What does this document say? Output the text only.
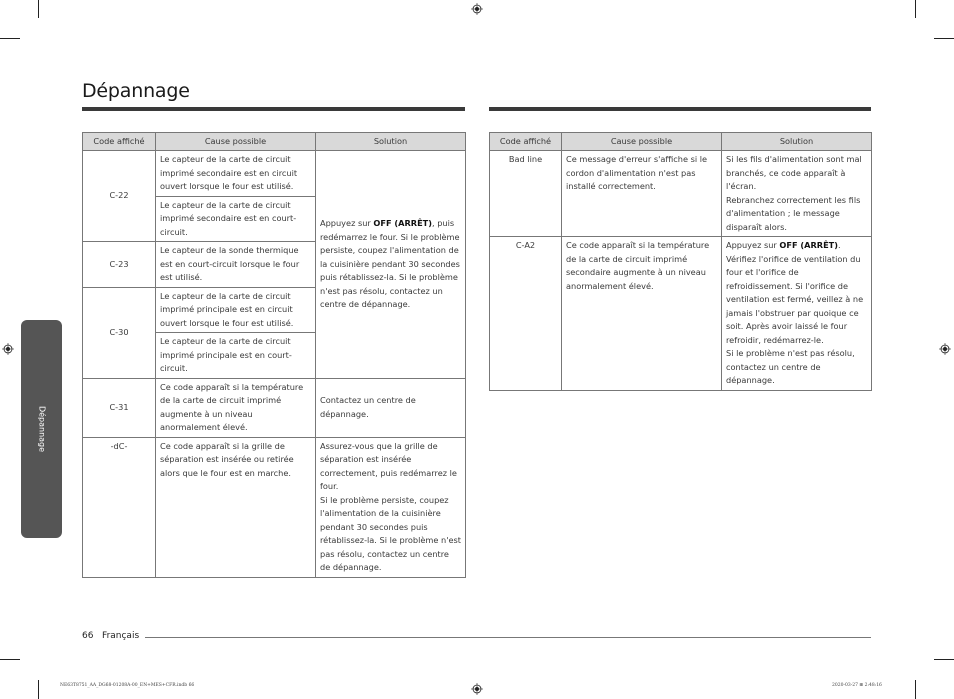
Dépannage
Dépannage
Code affiché	Cause possible	Solution
C-22	Le capteur de la carte de circuit imprimé secondaire est en circuit ouvert lorsque le four est utilisé.	Appuyez sur OFF (ARRÊT), puis redémarrez le four. Si le problème persiste, coupez l'alimentation de la cuisinière pendant 30 secondes puis rétablissez-la. Si le problème n'est pas résolu, contactez un centre de dépannage.
	Le capteur de la carte de circuit imprimé secondaire est en court-circuit.	
C-23	Le capteur de la sonde thermique est en court-circuit lorsque le four est utilisé.	
C-30	Le capteur de la carte de circuit imprimé principale est en circuit ouvert lorsque le four est utilisé.	
	Le capteur de la carte de circuit imprimé principale est en court-circuit.	

C-31	Ce code apparaît si la température de la carte de circuit imprimé augmente à un niveau anormalement élevé.	Contactez un centre de dépannage.
-dC-	Ce code apparaît si la grille de séparation est insérée ou retirée alors que le four est en marche.	Assurez-vous que la grille de séparation est insérée correctement, puis redémarrez le four.
Si le problème persiste, coupez l'alimentation de la cuisinière pendant 30 secondes puis rétablissez-la. Si le problème n'est pas résolu, contactez un centre de dépannage.
Code affiché	Cause possible	Solution
Bad line	Ce message d'erreur s'affiche si le cordon d'alimentation n'est pas installé correctement.	Si les fils d'alimentation sont mal branchés, ce code apparaît à l'écran.
Rebranchez correctement les fils d'alimentation ; le message disparaît alors.
C-A2	Ce code apparaît si la température de la carte de circuit imprimé secondaire augmente à un niveau anormalement élevé.	Appuyez sur OFF (ARRÊT).
Vérifiez l'orifice de ventilation du four et l'orifice de refroidissement. Si l'orifice de ventilation est fermé, veillez à ne jamais l'obstruer par quoique ce soit. Après avoir laissé le four refroidir, redémarrez-le.
Si le problème n'est pas résolu, contactez un centre de dépannage.
66 Français
NE63T8751_AA_DG68-01208A-00_EN+MES+CFR.indb 66	2020-03-27 ⊞ 2:48:16
